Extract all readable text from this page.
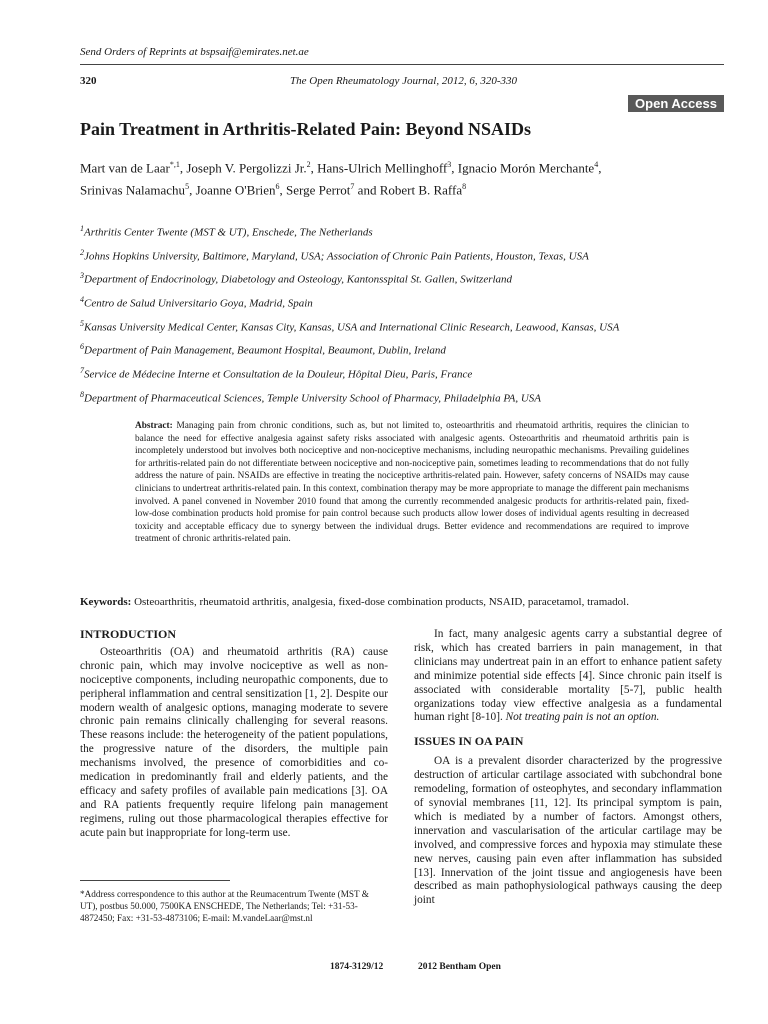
Send Orders of Reprints at bspsaif@emirates.net.ae
320	The Open Rheumatology Journal, 2012, 6, 320-330
Open Access
Pain Treatment in Arthritis-Related Pain: Beyond NSAIDs
Mart van de Laar$^{*,1}$, Joseph V. Pergolizzi Jr.$^2$, Hans-Ulrich Mellinghoff$^3$, Ignacio Morón Merchante$^4$,
Srinivas Nalamachu$^5$, Joanne O'Brien$^6$, Serge Perrot$^7$ and Robert B. Raffa$^8$
$^1$Arthritis Center Twente (MST & UT), Enschede, The Netherlands
$^2$Johns Hopkins University, Baltimore, Maryland, USA; Association of Chronic Pain Patients, Houston, Texas, USA
$^3$Department of Endocrinology, Diabetology and Osteology, Kantonsspital St. Gallen, Switzerland
$^4$Centro de Salud Universitario Goya, Madrid, Spain
$^5$Kansas University Medical Center, Kansas City, Kansas, USA and International Clinic Research, Leawood, Kansas, USA
$^6$Department of Pain Management, Beaumont Hospital, Beaumont, Dublin, Ireland
$^7$Service de Médecine Interne et Consultation de la Douleur, Hôpital Dieu, Paris, France
$^8$Department of Pharmaceutical Sciences, Temple University School of Pharmacy, Philadelphia PA, USA
Abstract: Managing pain from chronic conditions, such as, but not limited to, osteoarthritis and rheumatoid arthritis, requires the clinician to balance the need for effective analgesia against safety risks associated with analgesic agents. Osteoarthritis and rheumatoid arthritis pain is incompletely understood but involves both nociceptive and non-nociceptive mechanisms, including neuropathic mechanisms. Prevailing guidelines for arthritis-related pain do not differentiate between nociceptive and non-nociceptive pain, sometimes leading to recommendations that do not fully address the nature of pain. NSAIDs are effective in treating the nociceptive arthritis-related pain. However, safety concerns of NSAIDs may cause clinicians to undertreat arthritis-related pain. In this context, combination therapy may be more appropriate to manage the different pain mechanisms involved. A panel convened in November 2010 found that among the currently recommended analgesic products for arthritis-related pain, fixed-low-dose combination products hold promise for pain control because such products allow lower doses of individual agents resulting in decreased toxicity and acceptable efficacy due to synergy between the individual drugs. Better evidence and recommendations are required to improve treatment of chronic arthritis-related pain.
Keywords: Osteoarthritis, rheumatoid arthritis, analgesia, fixed-dose combination products, NSAID, paracetamol, tramadol.
INTRODUCTION

Osteoarthritis (OA) and rheumatoid arthritis (RA) cause chronic pain, which may involve nociceptive as well as non-nociceptive components, including neuropathic components, due to peripheral inflammation and central sensitization [1, 2]. Despite our modern wealth of analgesic options, managing moderate to severe chronic pain remains clinically challenging for several reasons. These reasons include: the heterogeneity of the patient populations, the progressive nature of the disorders, the multiple pain mechanisms involved, the presence of comorbidities and co-medication in predominantly frail and elderly patients, and the efficacy and safety profiles of available pain medications [3]. OA and RA patients frequently require lifelong pain management regimens, ruling out those pharmacological therapies effective for acute pain but inappropriate for long-term use.

In fact, many analgesic agents carry a substantial degree of risk, which has created barriers in pain management, in that clinicians may undertreat pain in an effort to enhance patient safety and minimize potential side effects [4]. Since chronic pain itself is associated with considerable mortality [5-7], public health organizations today view effective analgesia as a fundamental human right [8-10]. Not treating pain is not an option.

ISSUES IN OA PAIN

OA is a prevalent disorder characterized by the progressive destruction of articular cartilage associated with subchondral bone remodeling, formation of osteophytes, and secondary inflammation of synovial membranes [11, 12]. Its principal symptom is pain, which is mediated by a number of factors. Amongst others, innervation and vascularisation of the articular cartilage may be involved, and compressive forces and hypoxia may stimulate these new nerves, causing pain even after inflammation has subsided [13]. Innervation of the joint tissue and angiogenesis have been described as main pathophysiological pathways causing the deep joint

*Address correspondence to this author at the Reumacentrum Twente (MST & UT), postbus 50.000, 7500KA ENSCHEDE, The Netherlands; Tel: +31-53-4872450; Fax: +31-53-4873106; E-mail: M.vandeLaar@mst.nl
1874-3129/12	2012 Bentham Open
